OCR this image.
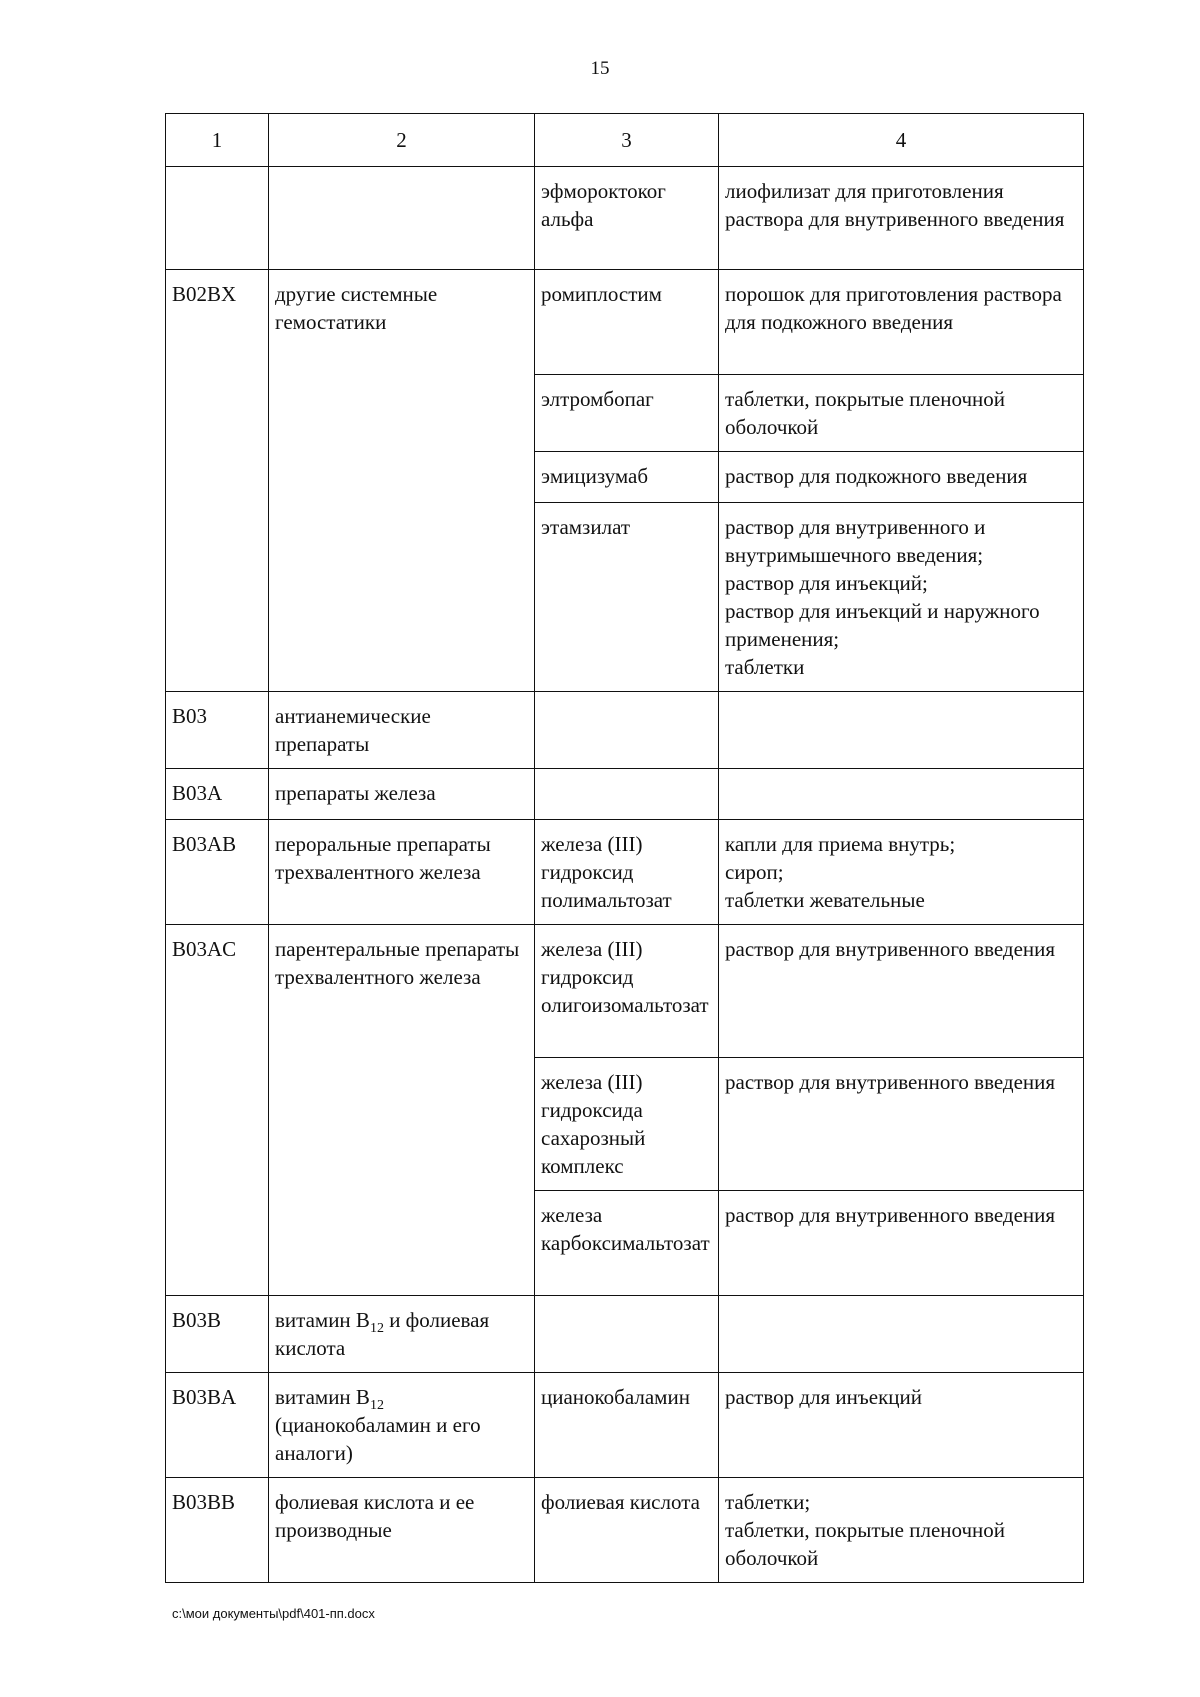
15
1	2	3	4
		эфмороктоког альфа	лиофилизат для приготовления раствора для внутривенного введения

B02BX	другие системные гемостатики	ромиплостим	порошок для приготовления раствора для подкожного введения

		элтромбопаг	таблетки, покрытые пленочной оболочкой

		эмицизумаб	раствор для подкожного введения

		этамзилат	раствор для внутривенного и внутримышечного введения;
раствор для инъекций;
раствор для инъекций и наружного применения;
таблетки

B03	антианемические препараты		
B03A	препараты железа		
B03AB	пероральные препараты трехвалентного железа	железа (III) гидроксид полимальтозат	капли для приема внутрь;
сироп;
таблетки жевательные

B03AC	парентеральные препараты трехвалентного железа	железа (III) гидроксид олигоизомальтозат	раствор для внутривенного введения

		железа (III) гидроксида сахарозный комплекс	раствор для внутривенного введения

		железа карбоксимальтозат	раствор для внутривенного введения

B03B	витамин $B_{12}$ и фолиевая кислота		
B03BA	витамин $B_{12}$ (цианокобаламин и его аналоги)	цианокобаламин	раствор для инъекций

B03BB	фолиевая кислота и ее производные	фолиевая кислота	таблетки;
таблетки, покрытые пленочной оболочкой
c:\мои документы\pdf\401-пп.docx
